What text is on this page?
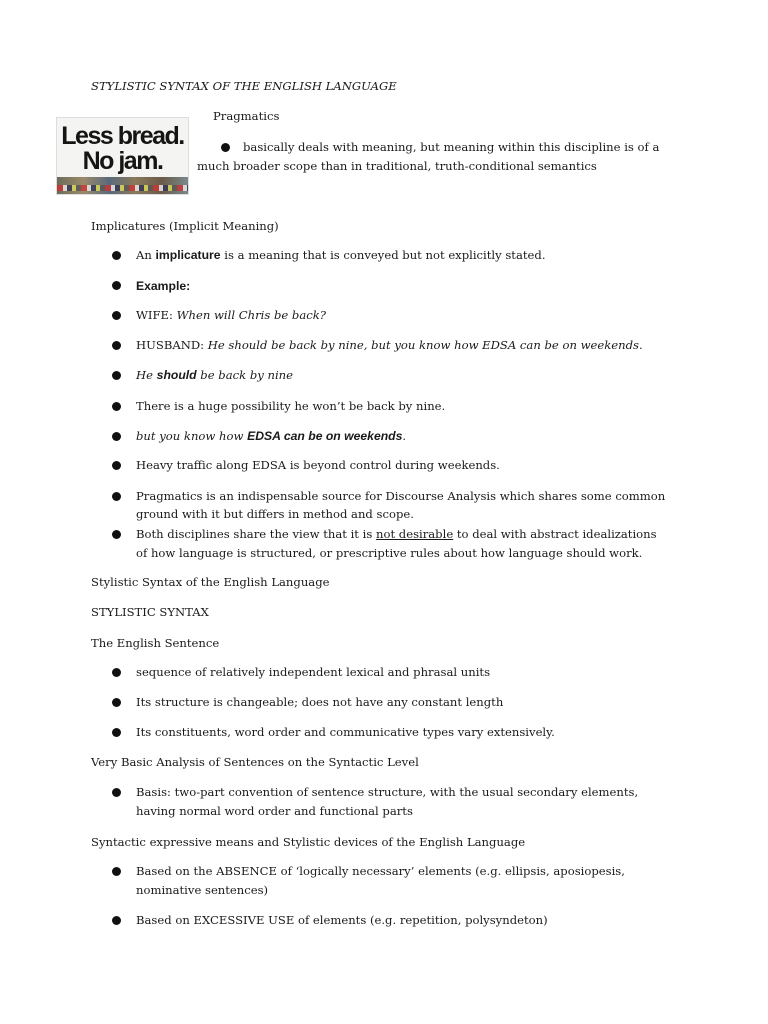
STYLISTIC SYNTAX OF THE ENGLISH LANGUAGE
Less bread.
No jam.
Pragmatics
basically deals with meaning, but meaning within this discipline is of a
much broader scope than in traditional, truth-conditional semantics
Implicatures (Implicit Meaning)
An implicature is a meaning that is conveyed but not explicitly stated.
Example:
WIFE: When will Chris be back?
HUSBAND: He should be back by nine, but you know how EDSA can be on weekends.
He should be back by nine
There is a huge possibility he won’t be back by nine.
but you know how EDSA can be on weekends.
Heavy traffic along EDSA is beyond control during weekends.
Pragmatics is an indispensable source for Discourse Analysis which shares some common
ground with it but differs in method and scope.
Both disciplines share the view that it is not desirable to deal with abstract idealizations
of how language is structured, or prescriptive rules about how language should work.
Stylistic Syntax of the English Language
STYLISTIC SYNTAX
The English Sentence
sequence of relatively independent lexical and phrasal units
Its structure is changeable; does not have any constant length
Its constituents, word order and communicative types vary extensively.
Very Basic Analysis of Sentences on the Syntactic Level
Basis: two-part convention of sentence structure, with the usual secondary elements,
having normal word order and functional parts
Syntactic expressive means and Stylistic devices of the English Language
Based on the ABSENCE of ‘logically necessary’ elements (e.g. ellipsis, aposiopesis,
nominative sentences)
Based on EXCESSIVE USE of elements (e.g. repetition, polysyndeton)
